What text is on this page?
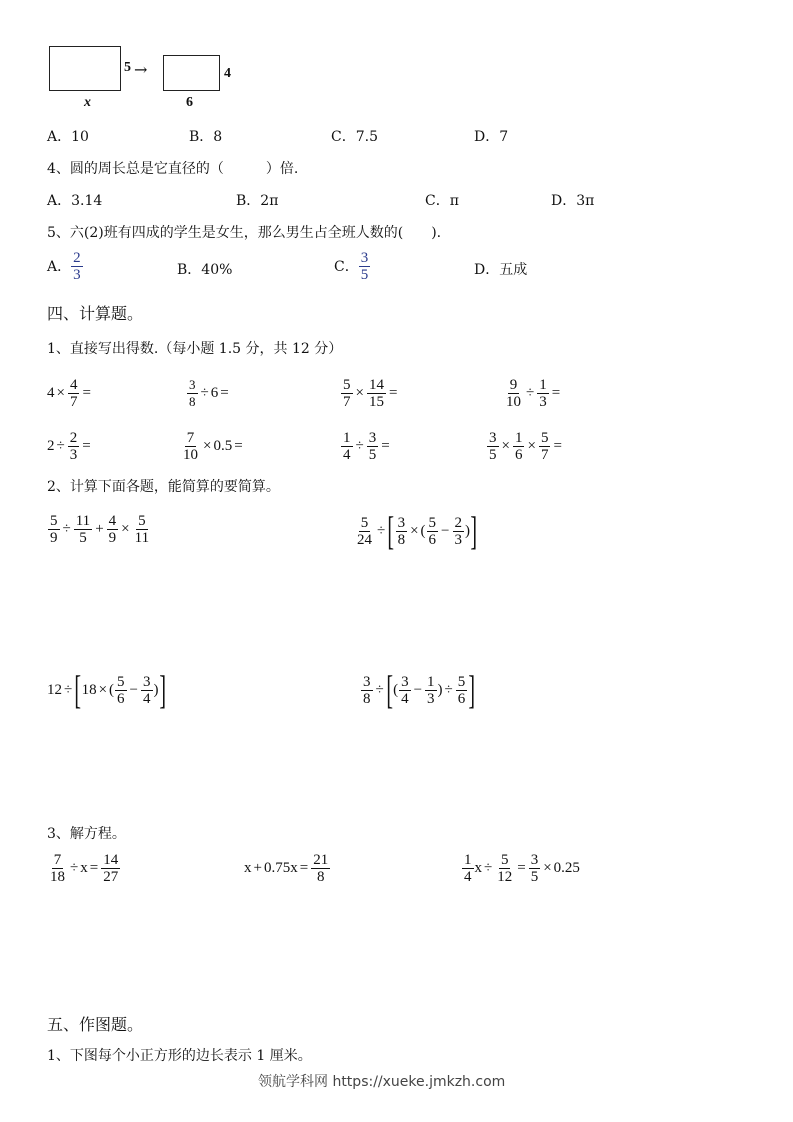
5 →
x
4
6
A．10	B．8	C．7.5	D．7
4、圆的周长总是它直径的（　　　）倍.
A．3.14	B．2π	C．π	D．3π
5、六(2)班有四成的学生是女生，那么男生占全班人数的(　　).
A． $\frac{2}{3}$	B．40%	C． $\frac{3}{5}$	D．五成
四、计算题。
1、直接写出得数.（每小题 1.5 分，共 12 分）
$4 \times \frac{4}{7}$ =	$\frac{3}{8} \div 6$ =	$\frac{5}{7} \times \frac{14}{15}$ =	$\frac{9}{10} \div \frac{1}{3}$ =
$2 \div \frac{2}{3}$ =	$\frac{7}{10} \times 0.5$ =	$\frac{1}{4} \div \frac{3}{5}$ =	$\frac{3}{5} \times \frac{1}{6} \times \frac{5}{7}$ =
2、计算下面各题，能简算的要简算。
$\frac{5}{9} \div \frac{11}{5} + \frac{4}{9} \times \frac{5}{11}$	$\frac{5}{24}$ ÷ [ $\frac{3}{8}$ × ( $\frac{5}{6} - \frac{2}{3}$ ) ]
12 ÷ [ 18 × ( $\frac{5}{6} - \frac{3}{4}$ ) ]	$\frac{3}{8}$ ÷ [ ( $\frac{3}{4} - \frac{1}{3}$ ) ÷ $\frac{5}{6}$ ]
3、解方程。
$\frac{7}{18} \div x = \frac{14}{27}$	$x + 0.75x = \frac{21}{8}$	$\frac{1}{4}$ $x \div \frac{5}{12} = \frac{3}{5} \times 0.25$
五、作图题。
1、下图每个小正方形的边长表示 1 厘米。
领航学科网 https://xueke.jmkzh.com
